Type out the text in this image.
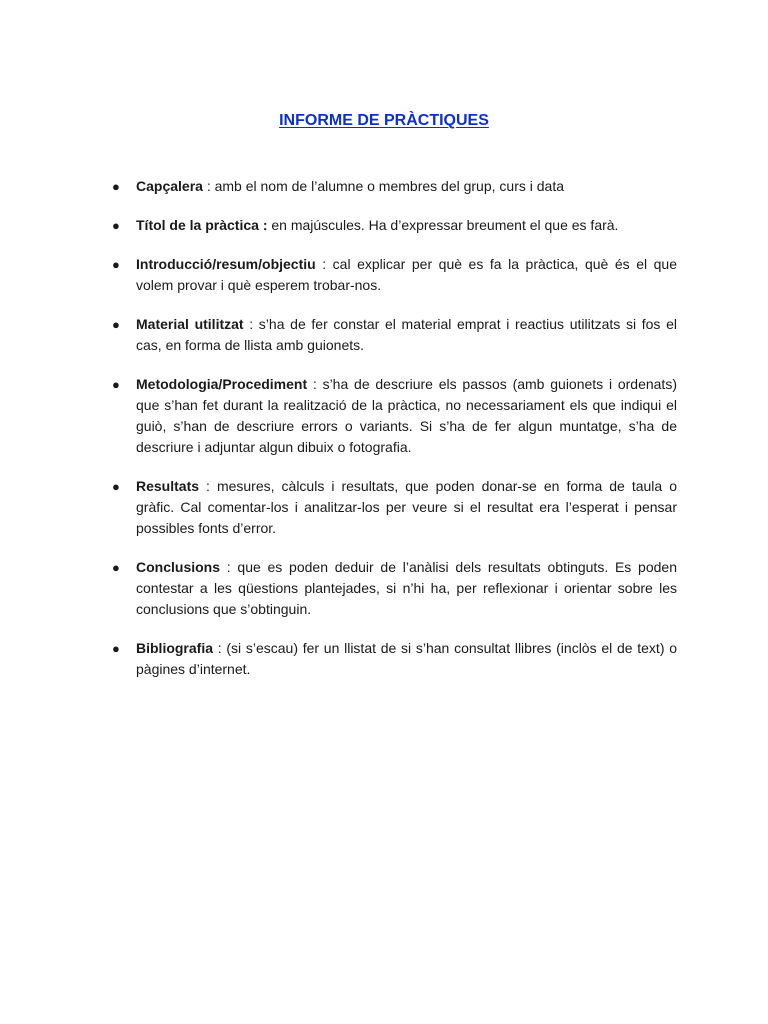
INFORME DE PRÀCTIQUES
● Capçalera : amb el nom de l’alumne o membres del grup, curs i data
● Títol de la pràctica : en majúscules. Ha d’expressar breument el que es farà.
● Introducció/resum/objectiu : cal explicar per què es fa la pràctica, què és el que volem provar i què esperem trobar-nos.
● Material utilitzat : s’ha de fer constar el material emprat i reactius utilitzats si fos el cas, en forma de llista amb guionets.
● Metodologia/Procediment : s’ha de descriure els passos (amb guionets i ordenats) que s’han fet durant la realització de la pràctica, no necessariament els que indiqui el guiò, s’han de descriure errors o variants. Si s’ha de fer algun muntatge, s’ha de descriure i adjuntar algun dibuix o fotografia.
● Resultats : mesures, càlculs i resultats, que poden donar-se en forma de taula o gràfic. Cal comentar-los i analitzar-los per veure si el resultat era l’esperat i pensar possibles fonts d’error.
● Conclusions : que es poden deduir de l’anàlisi dels resultats obtinguts. Es poden contestar a les qüestions plantejades, si n’hi ha, per reflexionar i orientar sobre les conclusions que s’obtinguin.
● Bibliografia : (si s’escau) fer un llistat de si s’han consultat llibres (inclòs el de text) o pàgines d’internet.
